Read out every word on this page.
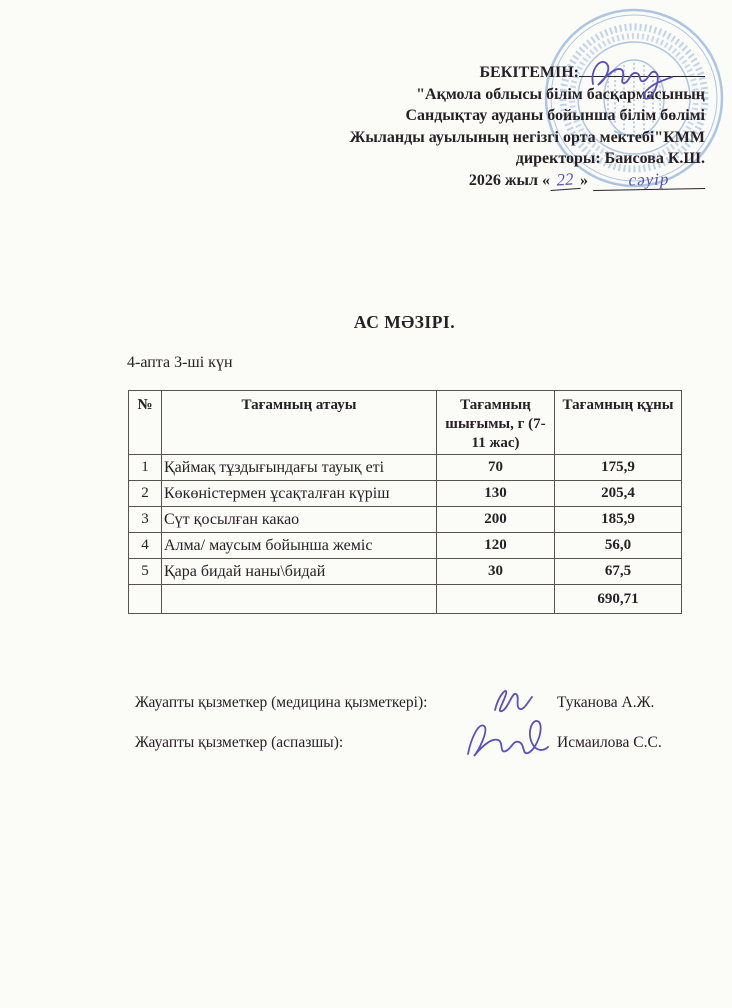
БЕКІТЕМІН:
"Ақмола облысы білім басқармасының
Сандықтау ауданы бойынша білім бөлімі
Жыланды ауылының негізгі орта мектебі"КММ
директоры: Баисова К.Ш.
2026 жыл « 22 » сәуір
АС МӘЗІРІ.
4-апта 3-ші күн
№	Тағамның атауы	Тағамның шығымы, г (7-11 жас)	Тағамның құны
1	Қаймақ тұздығындағы тауық еті	70	175,9
2	Көкөністермен ұсақталған күріш	130	205,4
3	Сүт қосылған какао	200	185,9
4	Алма/ маусым бойынша жеміс	120	56,0
5	Қара бидай наны\бидай	30	67,5
			690,71
Жауапты қызметкер (медицина қызметкері):	Туканова А.Ж.
Жауапты қызметкер (аспазшы):	Исмаилова С.С.
